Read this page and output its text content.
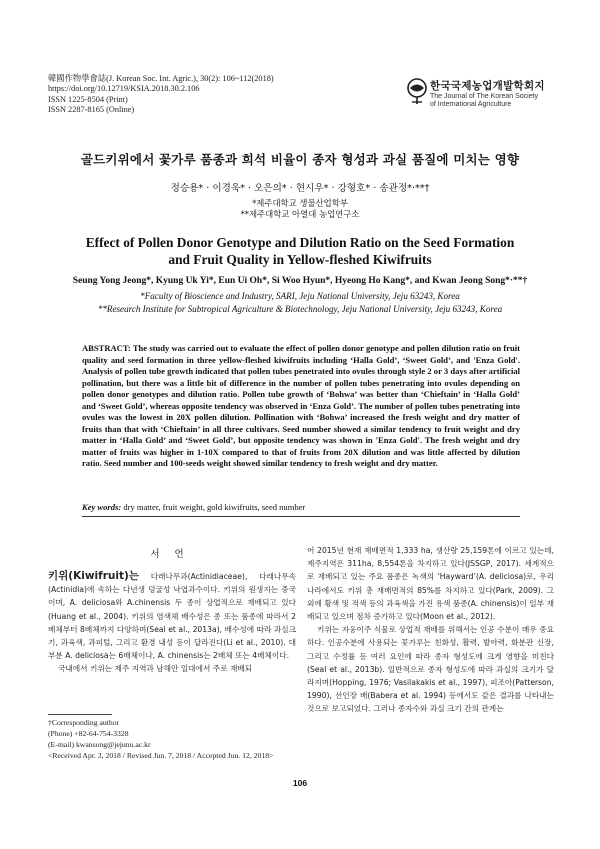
韓國作物學會誌(J. Korean Soc. Int. Agric.), 30(2): 106~112(2018)
https://doi.org/10.12719/KSIA.2018.30.2.106
ISSN 1225-8504 (Print)
ISSN 2287-8165 (Online)
한국국제농업개발학회지
The Journal of The Korean Society
of International Agriculture
골드키위에서 꽃가루 품종과 희석 비율이 종자 형성과 과실 품질에 미치는 영향
정승용* · 이경욱* · 오은의* · 현시우* · 강형호* · 송관정*·**†
*제주대학교 생물산업학부
**제주대학교 아열대 농업연구소
Effect of Pollen Donor Genotype and Dilution Ratio on the Seed Formation
and Fruit Quality in Yellow-fleshed Kiwifruits
Seung Yong Jeong*, Kyung Uk Yi*, Eun Ui Oh*, Si Woo Hyun*, Hyeong Ho Kang*, and Kwan Jeong Song*·**†
*Faculty of Bioscience and Industry, SARI, Jeju National University, Jeju 63243, Korea
**Research Institute for Subtropical Agriculture & Biotechnology, Jeju National University, Jeju 63243, Korea
ABSTRACT: The study was carried out to evaluate the effect of pollen donor genotype and pollen dilution ratio on fruit quality and seed formation in three yellow-fleshed kiwifruits including ‘Halla Gold’, ‘Sweet Gold’, and 'Enza Gold'. Analysis of pollen tube growth indicated that pollen tubes penetrated into ovules through style 2 or 3 days after artificial pollination, but there was a little bit of difference in the number of pollen tubes penetrating into ovules depending on pollen donor genotypes and dilution ratio. Pollen tube growth of ‘Bohwa’ was better than ‘Chieftain’ in ‘Halla Gold’ and ‘Sweet Gold’, whereas opposite tendency was observed in ‘Enza Gold’. The number of pollen tubes penetrating into ovules was the lowest in 20X pollen dilution. Pollination with ‘Bohwa’ increased the fresh weight and dry matter of fruits than that with ‘Chieftain’ in all three cultivars. Seed number showed a similar tendency to fruit weight and dry matter in ‘Halla Gold’ and ‘Sweet Gold’, but opposite tendency was shown in 'Enza Gold'. The fresh weight and dry matter of fruits was higher in 1-10X compared to that of fruits from 20X dilution and was little affected by dilution ratio. Seed number and 100-seeds weight showed similar tendency to fresh weight and dry matter.
Key words: dry matter, fruit weight, gold kiwifruits, seed number
서 언

키위(Kiwifruit)는 다래나무과(Actinidiaceae), 다래나무속(Actinidia)에 속하는 다년생 덩굴성 낙엽과수이다. 키위의 원생지는 중국이며, A. deliciosa와 A.chinensis 두 종이 상업적으로 재배되고 있다(Huang et al., 2004). 키위의 염색체 배수성은 종 또는 품종에 따라서 2배체부터 8배체까지 다양하며(Seal et al., 2013a), 배수성에 따라 과실크기, 과육색, 과피털, 그리고 환경 내성 등이 달라진다(Li et al., 2010). 대부분 A. deliciosa는 6배체이나, A. chinensis는 2배체 또는 4배체이다.

국내에서 키위는 제주 지역과 남해안 일대에서 주로 재배되

어 2015년 현재 재배면적 1,333 ha, 생산량 25,159톤에 이르고 있는데, 제주지역은 311ha, 8,554톤을 차지하고 있다(JSSGP, 2017). 세계적으로 재배되고 있는 주요 품종은 녹색의 ‘Hayward’(A. deliciosa)로, 우리나라에서도 키위 총 재배면적의 85%를 차지하고 있다(Park, 2009). 그 외에 황색 및 적색 등의 과육색을 가진 유색 품종(A. chinensis)이 일부 재배되고 있으며 점차 증가하고 있다(Moon et al., 2012).

키위는 자웅이주 식물로 상업적 재배를 위해서는 인공 수분이 매우 중요하다. 인공수분에 사용되는 꽃가루는 친화성, 활력, 발아력, 화분관 신장, 그리고 수정률 등 여러 요인에 따라 종자 형성도에 크게 영향을 미친다(Seal et al., 2013b). 일반적으로 종자 형성도에 따라 과실의 크기가 달라지며(Hopping, 1976; Vasilakakis et al., 1997), 피조아(Patterson, 1990), 선인장 배(Babera et al. 1994) 등에서도 같은 결과를 나타내는 것으로 보고되었다. 그러나 종자수와 과실 크기 간의 관계는

†Corresponding author
(Phone) +82-64-754-3328
(E-mail) kwansong@jejunu.ac.kr
<Received Apr. 3, 2018 / Revised Jun. 7, 2018 / Accepted Jun. 12, 2018>
106
